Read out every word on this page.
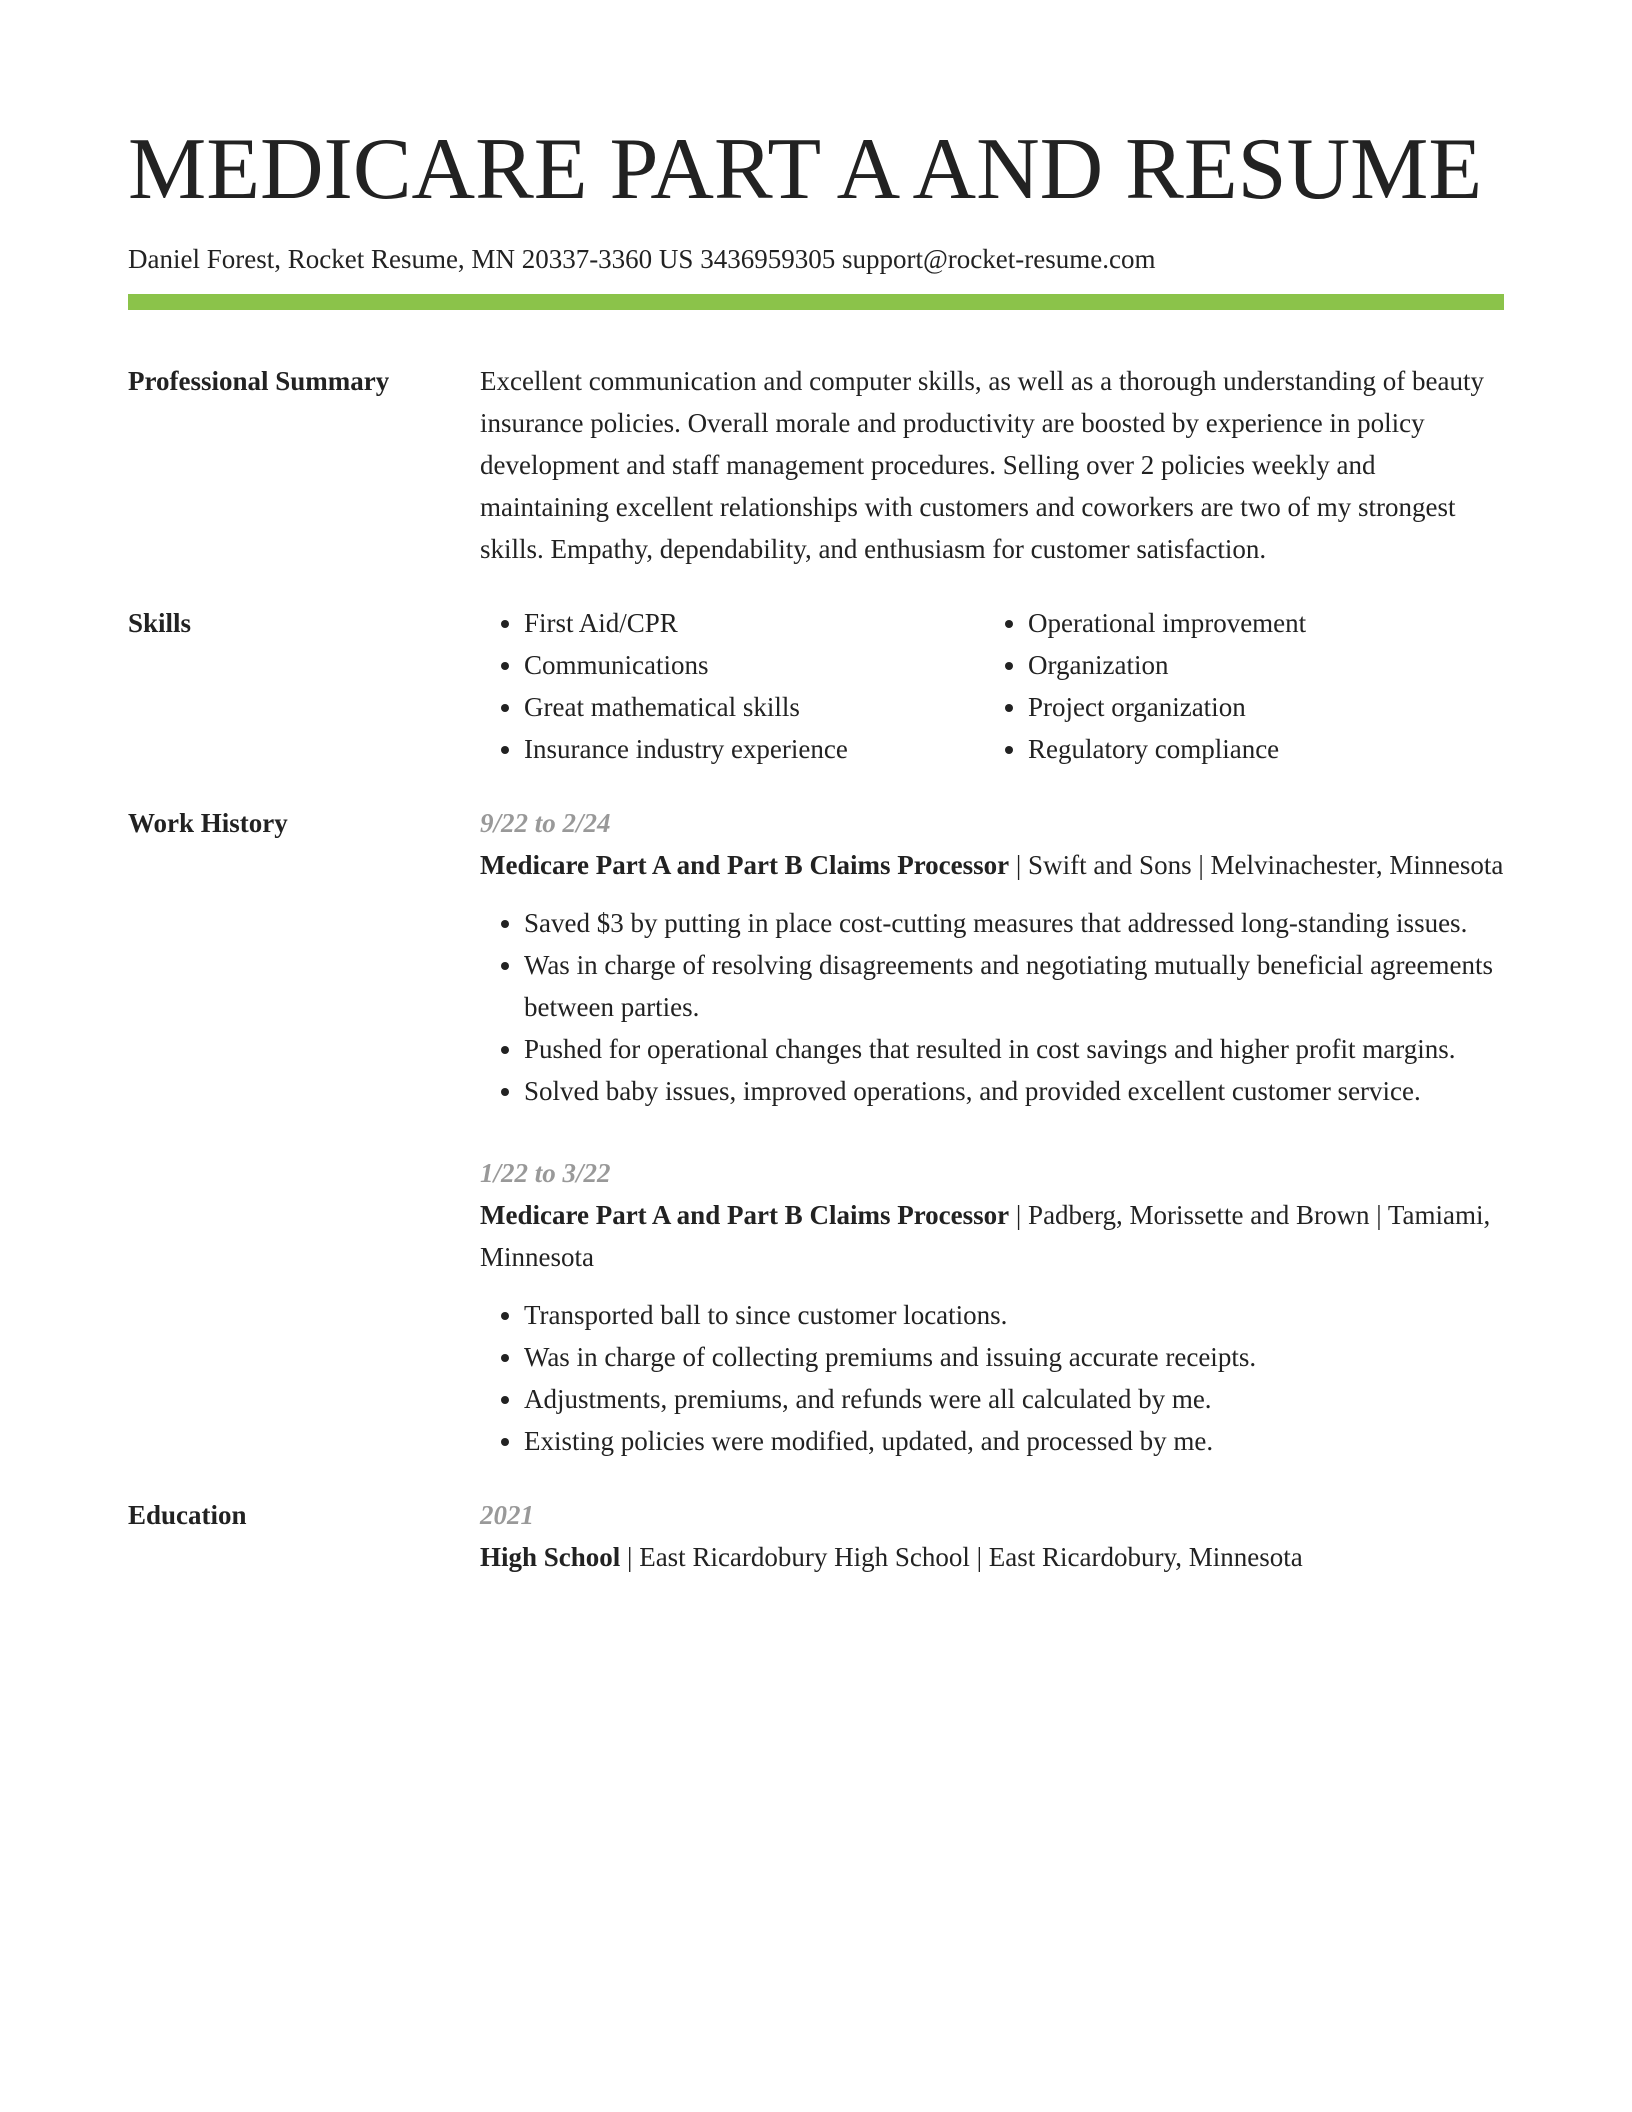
MEDICARE PART A AND RESUME
Daniel Forest, Rocket Resume, MN 20337-3360 US 3436959305 support@rocket-resume.com
Professional Summary	Excellent communication and computer skills, as well as a thorough understanding of beauty insurance policies. Overall morale and productivity are boosted by experience in policy development and staff management procedures. Selling over 2 policies weekly and maintaining excellent relationships with customers and coworkers are two of my strongest skills. Empathy, dependability, and enthusiasm for customer satisfaction.
Skills
•	First Aid/CPR
• Communications
• Great mathematical skills
• Insurance industry experience
• Operational improvement
• Organization
• Project organization
• Regulatory compliance
Work History	9/22 to 2/24
Medicare Part A and Part B Claims Processor | Swift and Sons | Melvinachester, Minnesota
• Saved $3 by putting in place cost-cutting measures that addressed long-standing issues.
• Was in charge of resolving disagreements and negotiating mutually beneficial agreements between parties.
• Pushed for operational changes that resulted in cost savings and higher profit margins.
• Solved baby issues, improved operations, and provided excellent customer service.
1/22 to 3/22
Medicare Part A and Part B Claims Processor | Padberg, Morissette and Brown | Tamiami, Minnesota
• Transported ball to since customer locations.
• Was in charge of collecting premiums and issuing accurate receipts.
• Adjustments, premiums, and refunds were all calculated by me.
• Existing policies were modified, updated, and processed by me.
Education	2021
High School | East Ricardobury High School | East Ricardobury, Minnesota
